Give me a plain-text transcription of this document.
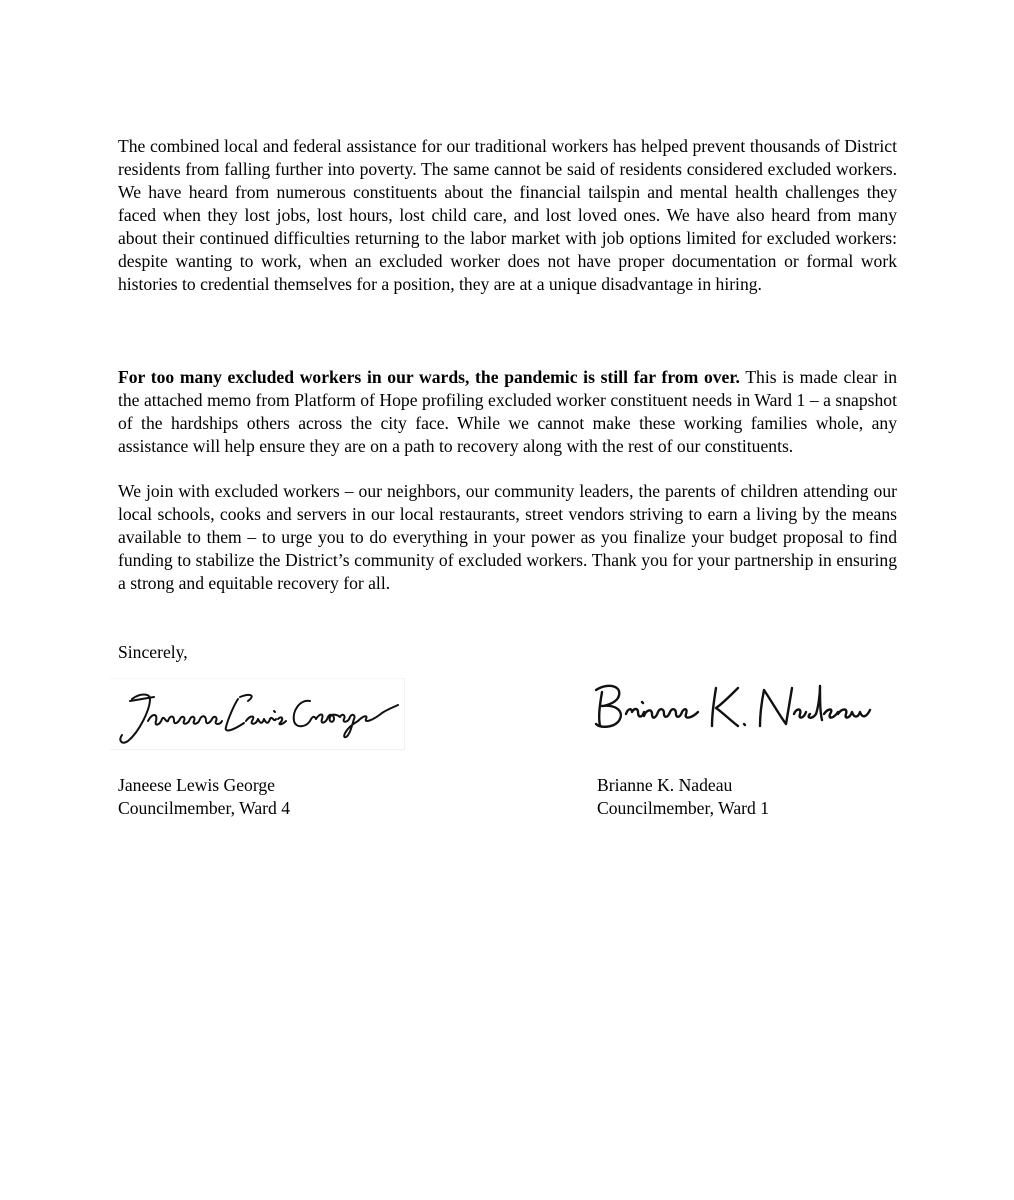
The combined local and federal assistance for our traditional workers has helped prevent thousands of District residents from falling further into poverty. The same cannot be said of residents considered excluded workers. We have heard from numerous constituents about the financial tailspin and mental health challenges they faced when they lost jobs, lost hours, lost child care, and lost loved ones. We have also heard from many about their continued difficulties returning to the labor market with job options limited for excluded workers: despite wanting to work, when an excluded worker does not have proper documentation or formal work histories to credential themselves for a position, they are at a unique disadvantage in hiring.

For too many excluded workers in our wards, the pandemic is still far from over. This is made clear in the attached memo from Platform of Hope profiling excluded worker constituent needs in Ward 1 – a snapshot of the hardships others across the city face. While we cannot make these working families whole, any assistance will help ensure they are on a path to recovery along with the rest of our constituents.

We join with excluded workers – our neighbors, our community leaders, the parents of children attending our local schools, cooks and servers in our local restaurants, street vendors striving to earn a living by the means available to them – to urge you to do everything in your power as you finalize your budget proposal to find funding to stabilize the District’s community of excluded workers. Thank you for your partnership in ensuring a strong and equitable recovery for all.

Sincerely,
Janeese Lewis George
Councilmember, Ward 4
Brianne K. Nadeau
Councilmember, Ward 1
